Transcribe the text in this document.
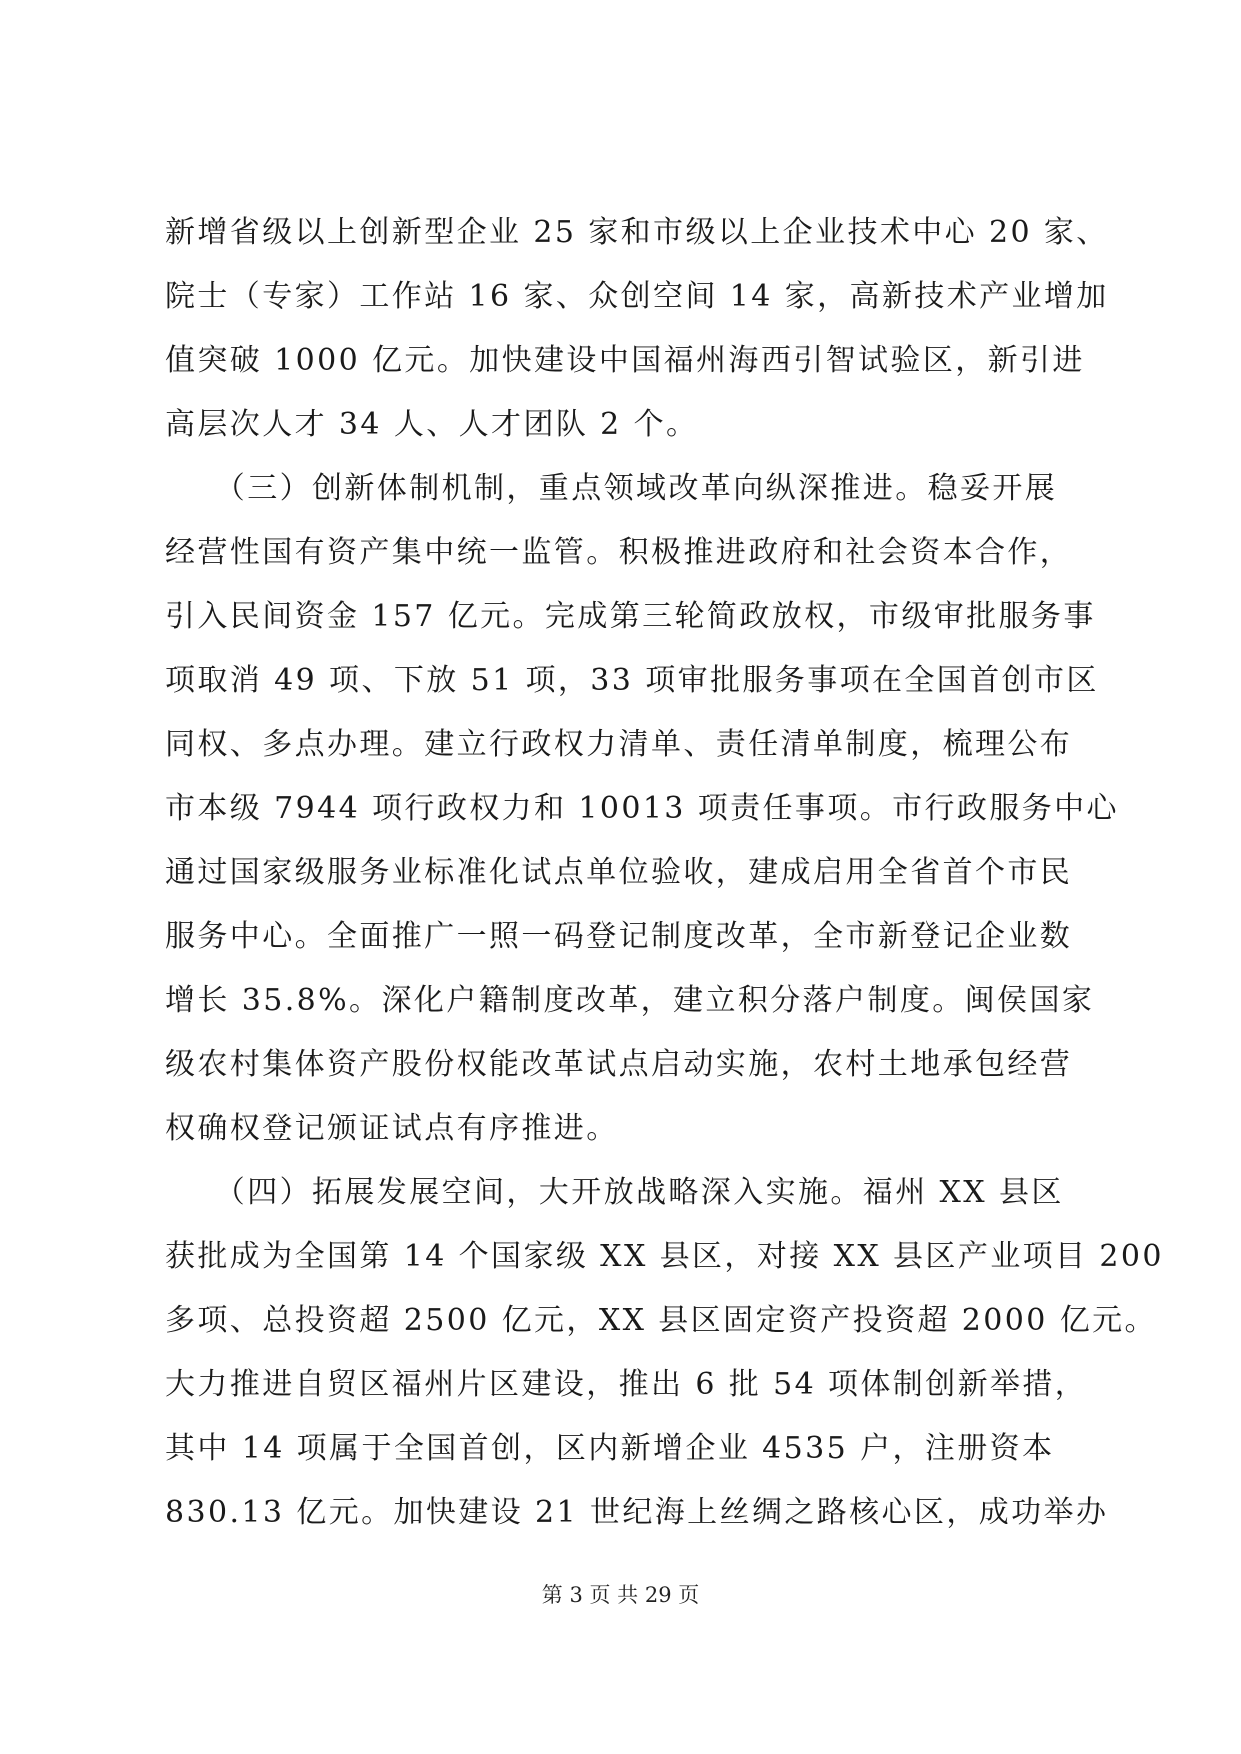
新增省级以上创新型企业 25 家和市级以上企业技术中心 20 家、
院士（专家）工作站 16 家、众创空间 14 家，高新技术产业增加
值突破 1000 亿元。加快建设中国福州海西引智试验区，新引进
高层次人才 34 人、人才团队 2 个。
　　（三）创新体制机制，重点领域改革向纵深推进。稳妥开展
经营性国有资产集中统一监管。积极推进政府和社会资本合作，
引入民间资金 157 亿元。完成第三轮简政放权，市级审批服务事
项取消 49 项、下放 51 项，33 项审批服务事项在全国首创市区
同权、多点办理。建立行政权力清单、责任清单制度，梳理公布
市本级 7944 项行政权力和 10013 项责任事项。市行政服务中心
通过国家级服务业标准化试点单位验收，建成启用全省首个市民
服务中心。全面推广一照一码登记制度改革，全市新登记企业数
增长 35.8%。深化户籍制度改革，建立积分落户制度。闽侯国家
级农村集体资产股份权能改革试点启动实施，农村土地承包经营
权确权登记颁证试点有序推进。
　　（四）拓展发展空间，大开放战略深入实施。福州 XX 县区
获批成为全国第 14 个国家级 XX 县区，对接 XX 县区产业项目 200
多项、总投资超 2500 亿元，XX 县区固定资产投资超 2000 亿元。
大力推进自贸区福州片区建设，推出 6 批 54 项体制创新举措，
其中 14 项属于全国首创，区内新增企业 4535 户，注册资本
830.13 亿元。加快建设 21 世纪海上丝绸之路核心区，成功举办
第 3 页 共 29 页
